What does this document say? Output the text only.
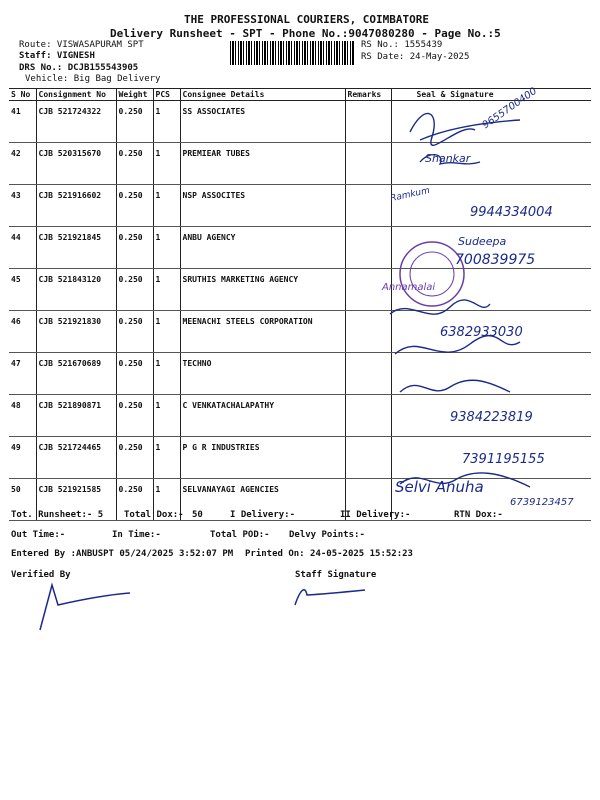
THE PROFESSIONAL COURIERS, COIMBATORE
Delivery Runsheet - SPT - Phone No.:9047080280 - Page No.:5
Route: VISWASAPURAM SPT
Staff: VIGNESH
DRS No.: DCJB155543905
Vehicle: Big Bag Delivery
RS No.: 1555439
RS Date: 24-May-2025
S No	Consignment No	Weight	PCS	Consignee Details	Remarks	Seal & Signature
41	CJB 521724322	0.250	1	SS ASSOCIATES		
42	CJB 520315670	0.250	1	PREMIEAR TUBES		
43	CJB 521916602	0.250	1	NSP ASSOCITES		
44	CJB 521921845	0.250	1	ANBU AGENCY		
45	CJB 521843120	0.250	1	SRUTHIS MARKETING AGENCY		
46	CJB 521921830	0.250	1	MEENACHI STEELS CORPORATION		
47	CJB 521670689	0.250	1	TECHNO		
48	CJB 521890871	0.250	1	C VENKATACHALAPATHY		
49	CJB 521724465	0.250	1	P G R INDUSTRIES		
50	CJB 521921585	0.250	1	SELVANAYAGI AGENCIES		
9655700400
Shankar
Ramkum
9944334004
Sudeepa
700839975
Annamalai
6382933030
9384223819
7391195155
Selvi Anuha
6739123457
Tot. Runsheet:- 5 Total Dox:- 50	I Delivery:-	II Delivery:-	RTN Dox:-
Out Time:-	In Time:-	Total POD:- Delvy Points:-
Entered By :ANBUSPT 05/24/2025 3:52:07 PM Printed On: 24-05-2025 15:52:23
Verified By	Staff Signature
